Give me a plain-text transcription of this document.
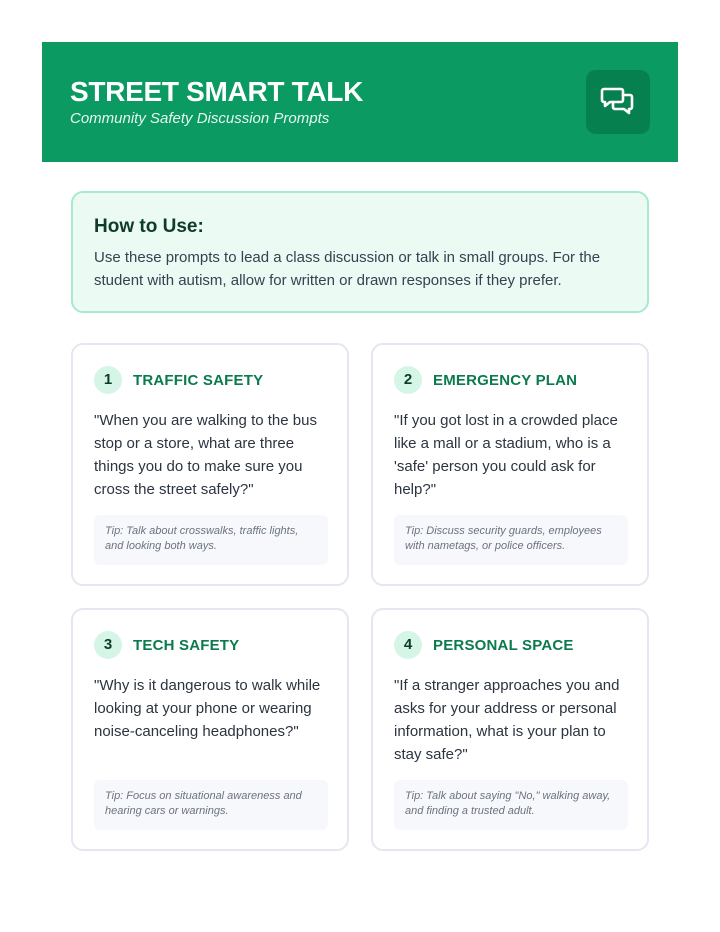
STREET SMART TALK

Community Safety Discussion Prompts

How to Use:

Use these prompts to lead a class discussion or talk in small groups. For the student with autism, allow for written or drawn responses if they prefer.

1	TRAFFIC SAFETY

"When you are walking to the bus stop or a store, what are three things you do to make sure you cross the street safely?"

Tip: Talk about crosswalks, traffic lights, and looking both ways.
2	EMERGENCY PLAN

"If you got lost in a crowded place like a mall or a stadium, who is a 'safe' person you could ask for help?"

Tip: Discuss security guards, employees with nametags, or police officers.
3	TECH SAFETY

"Why is it dangerous to walk while looking at your phone or wearing noise-canceling headphones?"

Tip: Focus on situational awareness and hearing cars or warnings.
4	PERSONAL SPACE

"If a stranger approaches you and asks for your address or personal information, what is your plan to stay safe?"

Tip: Talk about saying "No," walking away, and finding a trusted adult.
